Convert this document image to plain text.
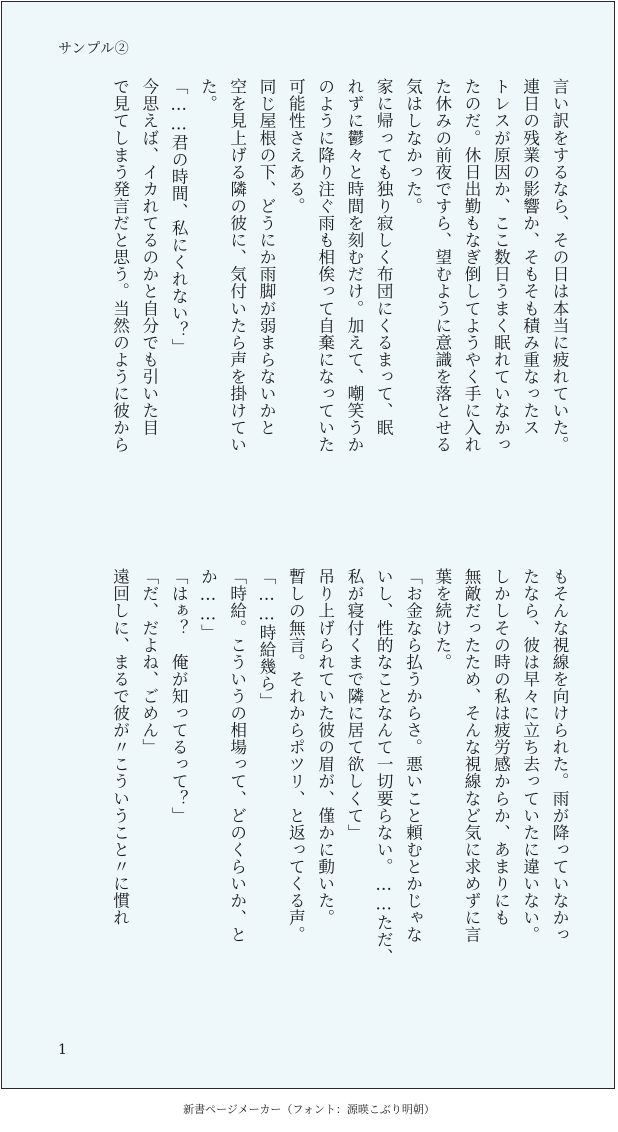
サンプル②
言い訳をするなら、その日は本当に疲れていた。
連日の残業の影響か、そもそも積み重なったス
トレスが原因か、ここ数日うまく眠れていなかっ
たのだ。休日出勤もなぎ倒してようやく手に入れ
た休みの前夜ですら、望むように意識を落とせる
気はしなかった。
家に帰っても独り寂しく布団にくるまって、眠
れずに鬱々と時間を刻むだけ。加えて、嘲笑うか
のように降り注ぐ雨も相俟って自棄になっていた
可能性さえある。
同じ屋根の下、どうにか雨脚が弱まらないかと
空を見上げる隣の彼に、気付いたら声を掛けてい
た。
「……君の時間、私にくれない？」
今思えば、イカれてるのかと自分でも引いた目
で見てしまう発言だと思う。当然のように彼から
もそんな視線を向けられた。雨が降っていなかっ
たなら、彼は早々に立ち去っていたに違いない。
しかしその時の私は疲労感からか、あまりにも
無敵だったため、そんな視線など気に求めずに言
葉を続けた。
「お金なら払うからさ。悪いこと頼むとかじゃな
いし、性的なことなんて一切要らない。……ただ、
私が寝付くまで隣に居て欲しくて」
吊り上げられていた彼の眉が、僅かに動いた。
暫しの無言。それからポツリ、と返ってくる声。
「……時給幾ら」
「時給。こういうの相場って、どのくらいか、と
か……」
「はぁ？　俺が知ってるって？」
「だ、だよね、ごめん」
遠回しに、まるで彼が〃こういうこと〃に慣れ
1
新書ページメーカー（フォント：源暎こぶり明朝）
